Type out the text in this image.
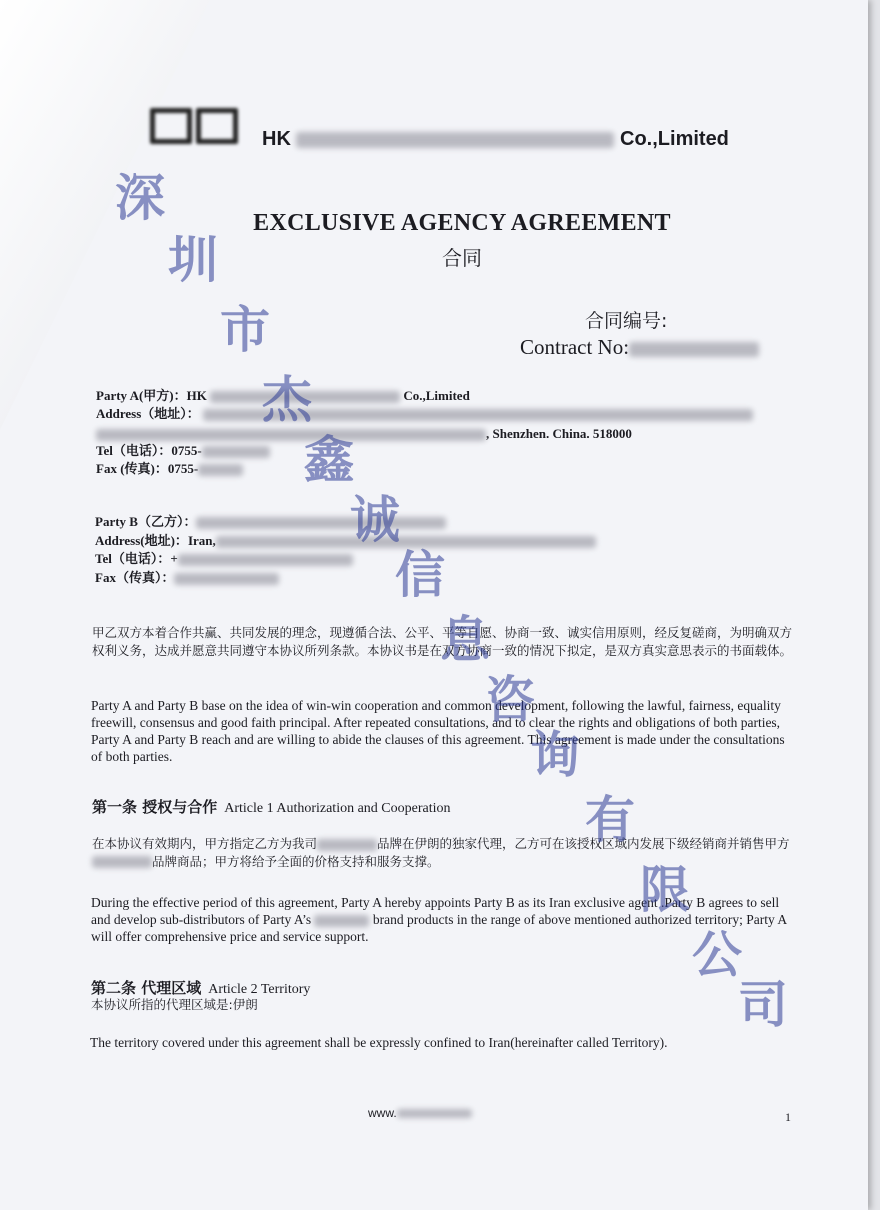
HK	Co.,Limited
EXCLUSIVE AGENCY AGREEMENT
合同
合同编号:
Contract No:
Party A(甲方)：HK	Co.,Limited
Address（地址）：
, Shenzhen. China. 518000
Tel（电话）：0755-
Fax (传真)：0755-
Party B（乙方）：
Address(地址)：Iran,
Tel（电话）：+
Fax（传真）：
甲乙双方本着合作共赢、共同发展的理念，现遵循合法、公平、平等自愿、协商一致、诚实信用原则，经反复磋商，为明确双方权利义务，达成并愿意共同遵守本协议所列条款。本协议书是在双方协商一致的情况下拟定，是双方真实意思表示的书面载体。
Party A and Party B base on the idea of win-win cooperation and common development, following the lawful, fairness, equality freewill, consensus and good faith principal. After repeated consultations, and to clear the rights and obligations of both parties, Party A and Party B reach and are willing to abide the clauses of this agreement. This agreement is made under the consultations of both parties.
第一条 授权与合作 Article 1 Authorization and Cooperation
在本协议有效期内，甲方指定乙方为我司	品牌在伊朗的独家代理，乙方可在该授权区域内发展下级经销商并销售甲方品牌商品；甲方将给予全面的价格支持和服务支撑。
During the effective period of this agreement, Party A hereby appoints Party B as its Iran exclusive agent .Party B agrees to sell and develop sub-distributors of Party A’s	brand products in the range of above mentioned authorized territory; Party A will offer comprehensive price and service support.
第二条 代理区域 Article 2 Territory
本协议所指的代理区域是:伊朗
The territory covered under this agreement shall be expressly confined to Iran(hereinafter called Territory).
www.	1
深
圳
市
杰
鑫
诚
信
息
咨
询
有
限
公
司
